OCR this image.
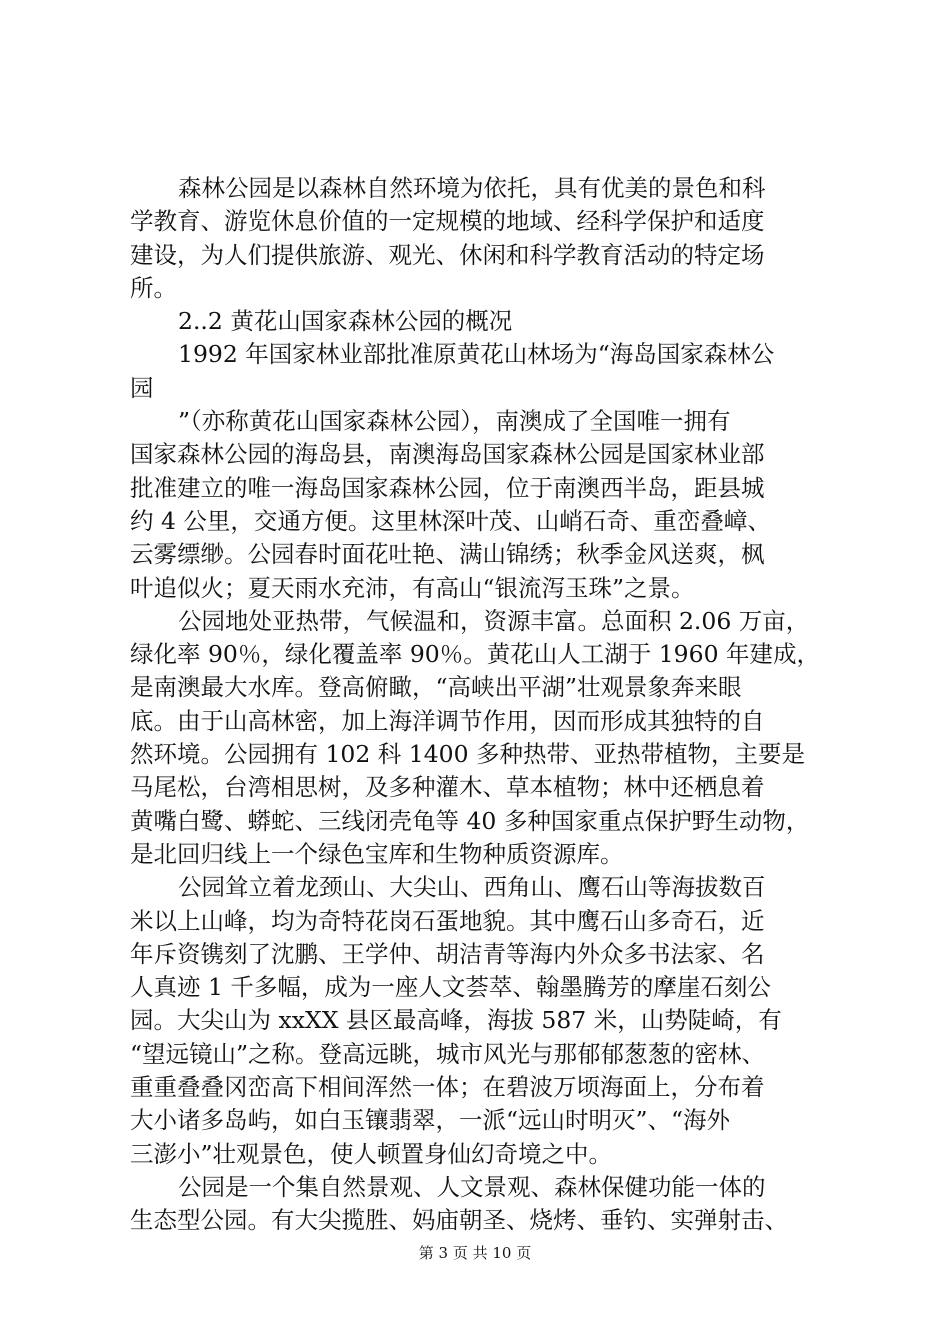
森林公园是以森林自然环境为依托，具有优美的景色和科
学教育、游览休息价值的一定规模的地域、经科学保护和适度
建设，为人们提供旅游、观光、休闲和科学教育活动的特定场
所。
2..2 黄花山国家森林公园的概况
1992 年国家林业部批准原黄花山林场为“海岛国家森林公
园
”（亦称黄花山国家森林公园），南澳成了全国唯一拥有
国家森林公园的海岛县，南澳海岛国家森林公园是国家林业部
批准建立的唯一海岛国家森林公园，位于南澳西半岛，距县城
约 4 公里，交通方便。这里林深叶茂、山峭石奇、重峦叠嶂、
云雾缥缈。公园春时面花吐艳、满山锦绣；秋季金风送爽，枫
叶追似火；夏天雨水充沛，有高山“银流泻玉珠”之景。
公园地处亚热带，气候温和，资源丰富。总面积 2.06 万亩，
绿化率 90％，绿化覆盖率 90％。黄花山人工湖于 1960 年建成，
是南澳最大水库。登高俯瞰，“高峡出平湖”壮观景象奔来眼
底。由于山高林密，加上海洋调节作用，因而形成其独特的自
然环境。公园拥有 102 科 1400 多种热带、亚热带植物，主要是
马尾松，台湾相思树，及多种灌木、草本植物；林中还栖息着
黄嘴白鹭、蟒蛇、三线闭壳龟等 40 多种国家重点保护野生动物，
是北回归线上一个绿色宝库和生物种质资源库。
公园耸立着龙颈山、大尖山、西角山、鹰石山等海拔数百
米以上山峰，均为奇特花岗石蛋地貌。其中鹰石山多奇石，近
年斥资镌刻了沈鹏、王学仲、胡洁青等海内外众多书法家、名
人真迹 1 千多幅，成为一座人文荟萃、翰墨腾芳的摩崖石刻公
园。大尖山为 xxXX 县区最高峰，海拔 587 米，山势陡崎，有
“望远镜山”之称。登高远眺，城市风光与那郁郁葱葱的密林、
重重叠叠冈峦高下相间浑然一体；在碧波万顷海面上，分布着
大小诸多岛屿，如白玉镶翡翠，一派“远山时明灭”、“海外
三澎小”壮观景色，使人顿置身仙幻奇境之中。
公园是一个集自然景观、人文景观、森林保健功能一体的
生态型公园。有大尖揽胜、妈庙朝圣、烧烤、垂钓、实弹射击、
第 3 页 共 10 页
